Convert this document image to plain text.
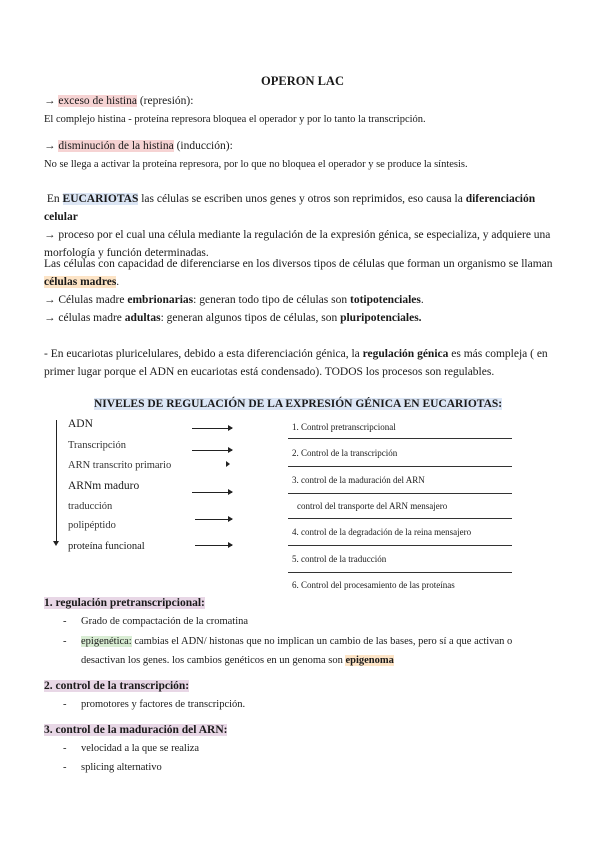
OPERON LAC
→ exceso de histina (represión):
El complejo histina - proteína represora bloquea el operador y por lo tanto la transcripción.
→ disminución de la histina (inducción):
No se llega a activar la proteína represora, por lo que no bloquea el operador y se produce la síntesis.

En EUCARIOTAS las células se escriben unos genes y otros son reprimidos, eso causa la diferenciación celular

→ proceso por el cual una célula mediante la regulación de la expresión génica, se especializa, y adquiere una

morfología y función determinadas.

Las células con capacidad de diferenciarse en los diversos tipos de células que forman un organismo se llaman

células madres.

→ Células madre embrionarias: generan todo tipo de células son totipotenciales.

→ células madre adultas: generan algunos tipos de células, son pluripotenciales.

- En eucariotas pluricelulares, debido a esta diferenciación génica, la regulación génica es más compleja ( en

primer lugar porque el ADN en eucariotas está condensado). TODOS los procesos son regulables.

NIVELES DE REGULACIÓN DE LA EXPRESIÓN GÉNICA EN EUCARIOTAS:
ADN
Transcripción
ARN transcrito primario
ARNm maduro
traducción
polipéptido
proteína funcional
1. Control pretranscripcional
2. Control de la transcripción
3. control de la maduración del ARN
control del transporte del ARN mensajero
4. control de la degradación de la reina mensajero
5. control de la traducción
6. Control del procesamiento de las proteínas
1. regulación pretranscripcional:
- Grado de compactación de la cromatina
- epigenética: cambias el ADN/ histonas que no implican un cambio de las bases, pero sí a que activan o
desactivan los genes. los cambios genéticos en un genoma son epigenoma
2. control de la transcripción:
- promotores y factores de transcripción.
3. control de la maduración del ARN:
- velocidad a la que se realiza
- splicing alternativo
